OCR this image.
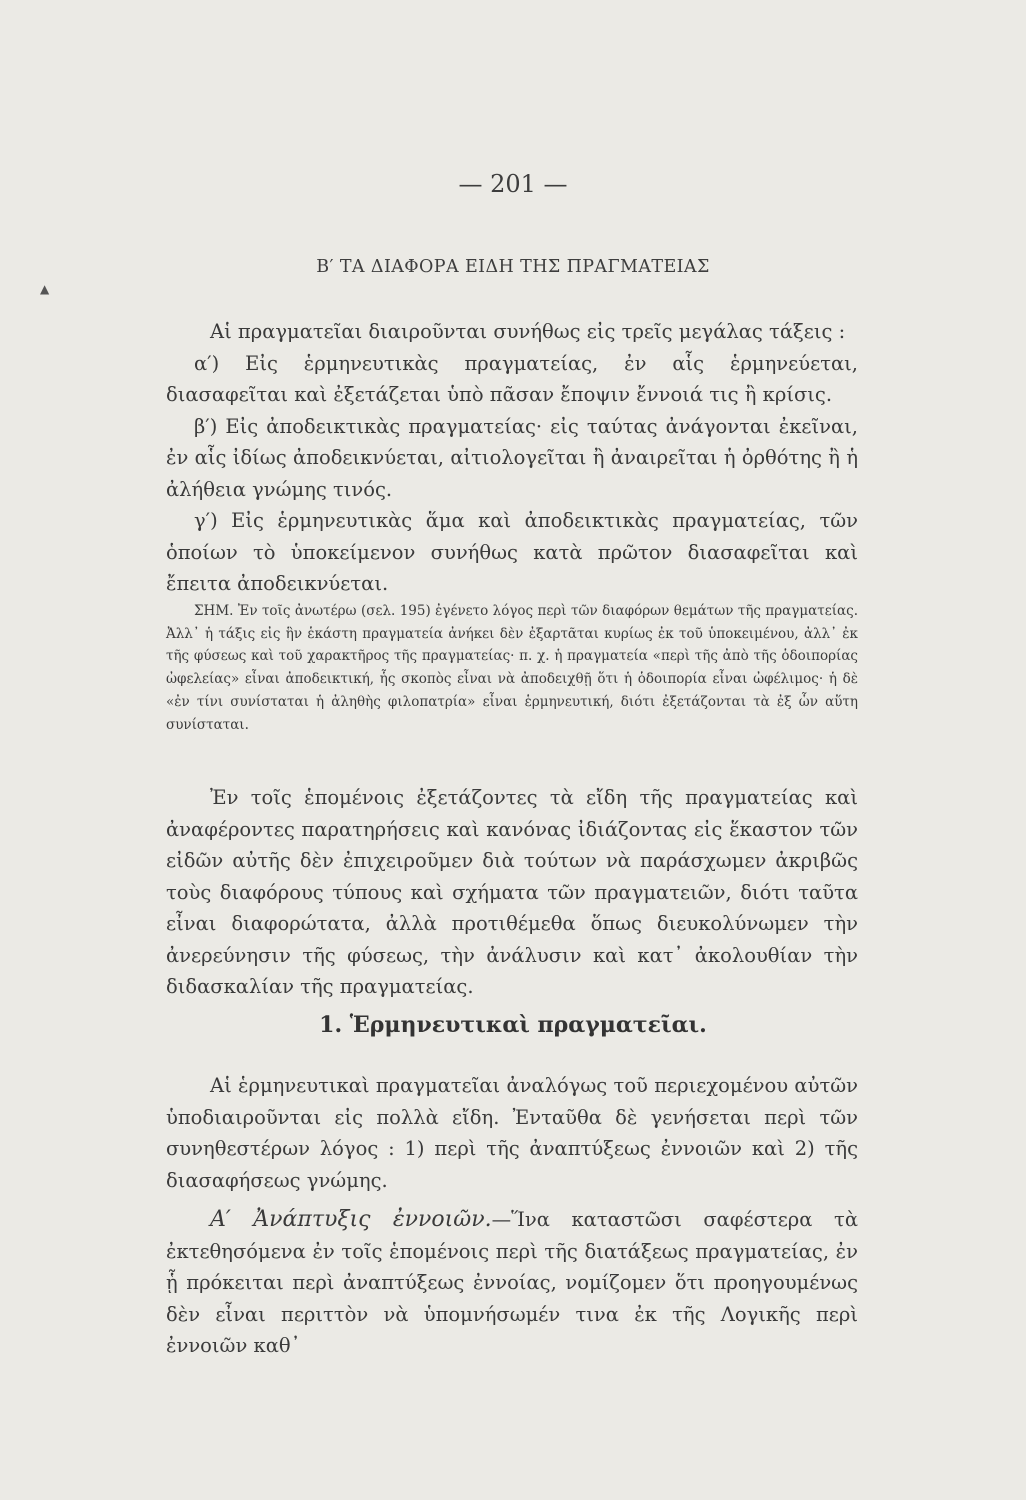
▲
— 201 —
Β′ ΤΑ ΔΙΑΦΟΡΑ ΕΙΔΗ ΤΗΣ ΠΡΑΓΜΑΤΕΙΑΣ

Αἱ πραγματεῖαι διαιροῦνται συνήθως εἰς τρεῖς μεγάλας τάξεις :

α′) Εἰς ἑρμηνευτικὰς πραγματείας, ἐν αἷς ἑρμηνεύεται, διασαφεῖται καὶ ἐξετάζεται ὑπὸ πᾶσαν ἔποψιν ἔννοιά τις ἢ κρίσις.

β′) Εἰς ἀποδεικτικὰς πραγματείας· εἰς ταύτας ἀνάγονται ἐκεῖναι, ἐν αἷς ἰδίως ἀποδεικνύεται, αἰτιολογεῖται ἢ ἀναιρεῖται ἡ ὀρθότης ἢ ἡ ἀλήθεια γνώμης τινός.

γ′) Εἰς ἑρμηνευτικὰς ἅμα καὶ ἀποδεικτικὰς πραγματείας, τῶν ὁποίων τὸ ὑποκείμενον συνήθως κατὰ πρῶτον διασαφεῖται καὶ ἔπειτα ἀποδεικνύεται.

ΣΗΜ. Ἐν τοῖς ἀνωτέρω (σελ. 195) ἐγένετο λόγος περὶ τῶν διαφόρων θεμάτων τῆς πραγματείας. Ἀλλ᾿ ἡ τάξις εἰς ἣν ἑκάστη πραγματεία ἀνήκει δὲν ἐξαρτᾶται κυρίως ἐκ τοῦ ὑποκειμένου, ἀλλ᾿ ἐκ τῆς φύσεως καὶ τοῦ χαρακτῆρος τῆς πραγματείας· π. χ. ἡ πραγματεία «περὶ τῆς ἀπὸ τῆς ὁδοιπορίας ὠφελείας» εἶναι ἀποδεικτική, ἧς σκοπὸς εἶναι νὰ ἀποδειχθῇ ὅτι ἡ ὁδοιπορία εἶναι ὠφέλιμος· ἡ δὲ «ἐν τίνι συνίσταται ἡ ἀληθὴς φιλοπατρία» εἶναι ἑρμηνευτική, διότι ἐξετάζονται τὰ ἐξ ὧν αὕτη συνίσταται.

Ἐν τοῖς ἑπομένοις ἐξετάζοντες τὰ εἴδη τῆς πραγματείας καὶ ἀναφέροντες παρατηρήσεις καὶ κανόνας ἰδιάζοντας εἰς ἕκαστον τῶν εἰδῶν αὐτῆς δὲν ἐπιχειροῦμεν διὰ τούτων νὰ παράσχωμεν ἀκριβῶς τοὺς διαφόρους τύπους καὶ σχήματα τῶν πραγματειῶν, διότι ταῦτα εἶναι διαφορώτατα, ἀλλὰ προτιθέμεθα ὅπως διευκολύνωμεν τὴν ἀνερεύνησιν τῆς φύσεως, τὴν ἀνάλυσιν καὶ κατ᾿ ἀκολουθίαν τὴν διδασκαλίαν τῆς πραγματείας.

1. Ἑρμηνευτικαὶ πραγματεῖαι.

Αἱ ἑρμηνευτικαὶ πραγματεῖαι ἀναλόγως τοῦ περιεχομένου αὐτῶν ὑποδιαιροῦνται εἰς πολλὰ εἴδη. Ἐνταῦθα δὲ γενήσεται περὶ τῶν συνηθεστέρων λόγος : 1) περὶ τῆς ἀναπτύξεως ἐννοιῶν καὶ 2) τῆς διασαφήσεως γνώμης.

Α′ Ἀνάπτυξις ἐννοιῶν.—Ἵνα καταστῶσι σαφέστερα τὰ ἐκτεθησόμενα ἐν τοῖς ἑπομένοις περὶ τῆς διατάξεως πραγματείας, ἐν ᾗ πρόκειται περὶ ἀναπτύξεως ἐννοίας, νομίζομεν ὅτι προηγουμένως δὲν εἶναι περιττὸν νὰ ὑπομνήσωμέν τινα ἐκ τῆς Λογικῆς περὶ ἐννοιῶν καθ᾿
